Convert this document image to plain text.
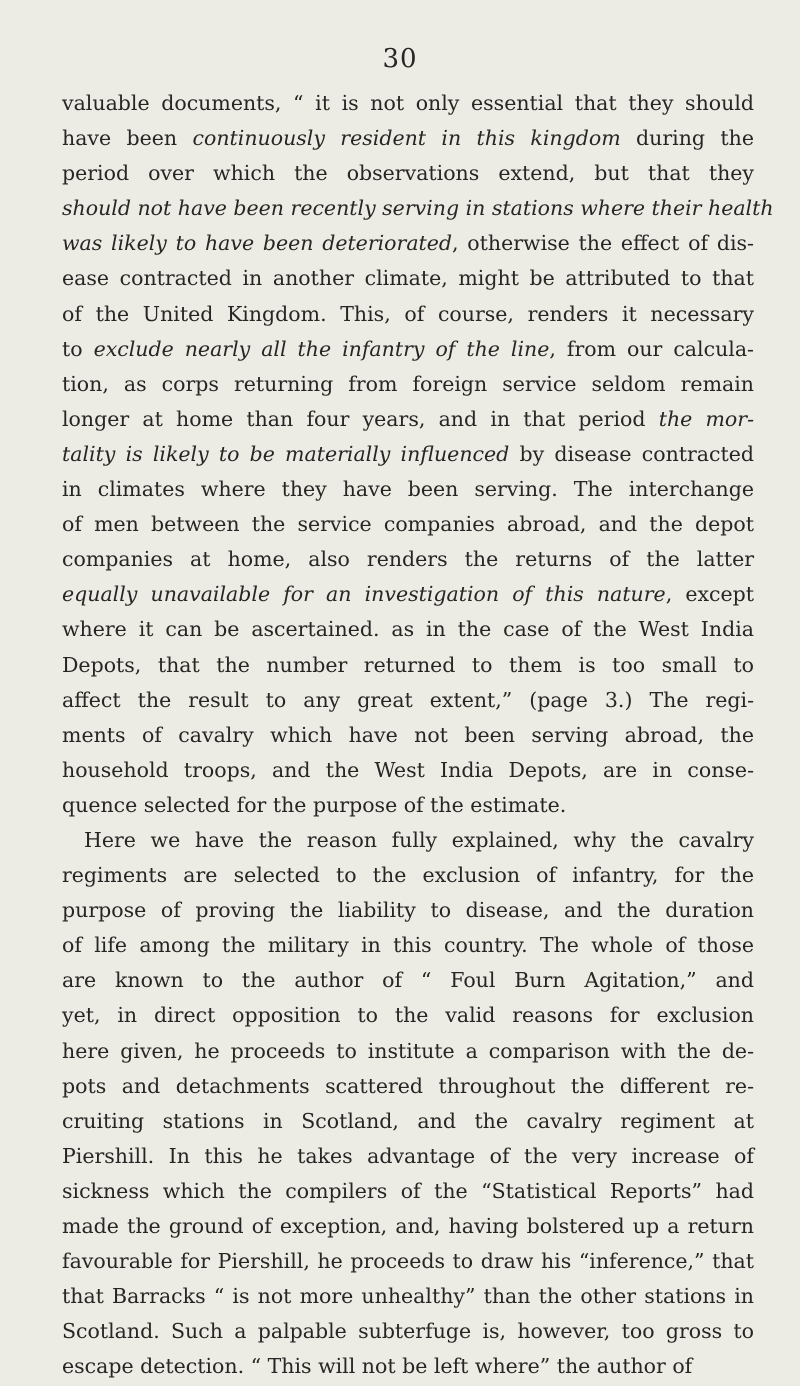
30
valuable documents, “ it is not only essential that they should
have been continuously resident in this kingdom during the
period over which the observations extend, but that they
should not have been recently serving in stations where their health
was likely to have been deteriorated, otherwise the effect of dis-
ease contracted in another climate, might be attributed to that
of the United Kingdom. This, of course, renders it necessary
to exclude nearly all the infantry of the line, from our calcula-
tion, as corps returning from foreign service seldom remain
longer at home than four years, and in that period the mor-
tality is likely to be materially influenced by disease contracted
in climates where they have been serving. The interchange
of men between the service companies abroad, and the depot
companies at home, also renders the returns of the latter
equally unavailable for an investigation of this nature, except
where it can be ascertained. as in the case of the West India
Depots, that the number returned to them is too small to
affect the result to any great extent,” (page 3.) The regi-
ments of cavalry which have not been serving abroad, the
household troops, and the West India Depots, are in conse-
quence selected for the purpose of the estimate.
Here we have the reason fully explained, why the cavalry
regiments are selected to the exclusion of infantry, for the
purpose of proving the liability to disease, and the duration
of life among the military in this country. The whole of those
are known to the author of “ Foul Burn Agitation,” and
yet, in direct opposition to the valid reasons for exclusion
here given, he proceeds to institute a comparison with the de-
pots and detachments scattered throughout the different re-
cruiting stations in Scotland, and the cavalry regiment at
Piershill. In this he takes advantage of the very increase of
sickness which the compilers of the “Statistical Reports” had
made the ground of exception, and, having bolstered up a return
favourable for Piershill, he proceeds to draw his “inference,” that
that Barracks “ is not more unhealthy” than the other stations in
Scotland. Such a palpable subterfuge is, however, too gross to
escape detection. “ This will not be left where” the author of
